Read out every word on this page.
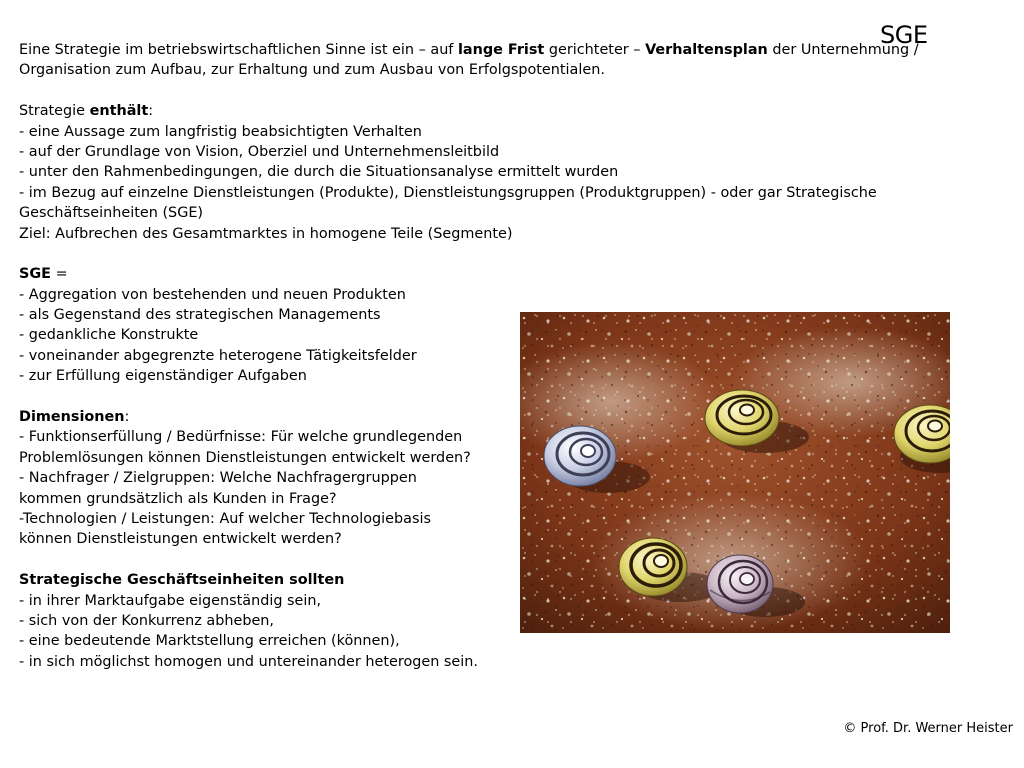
SGE
Eine Strategie im betriebswirtschaftlichen Sinne ist ein – auf lange Frist gerichteter – Verhaltensplan der Unternehmung /
Organisation zum Aufbau, zur Erhaltung und zum Ausbau von Erfolgspotentialen.
Strategie enthält:
- eine Aussage zum langfristig beabsichtigten Verhalten
- auf der Grundlage von Vision, Oberziel und Unternehmensleitbild
- unter den Rahmenbedingungen, die durch die Situationsanalyse ermittelt wurden
- im Bezug auf einzelne Dienstleistungen (Produkte), Dienstleistungsgruppen (Produktgruppen) - oder gar Strategische
Geschäftseinheiten (SGE)
Ziel: Aufbrechen des Gesamtmarktes in homogene Teile (Segmente)
SGE =
- Aggregation von bestehenden und neuen Produkten
- als Gegenstand des strategischen Managements
- gedankliche Konstrukte
- voneinander abgegrenzte heterogene Tätigkeitsfelder
- zur Erfüllung eigenständiger Aufgaben
Dimensionen:
- Funktionserfüllung / Bedürfnisse: Für welche grundlegenden
Problemlösungen können Dienstleistungen entwickelt werden?
- Nachfrager / Zielgruppen: Welche Nachfragergruppen
kommen grundsätzlich als Kunden in Frage?
-Technologien / Leistungen: Auf welcher Technologiebasis
können Dienstleistungen entwickelt werden?
Strategische Geschäftseinheiten sollten
- in ihrer Marktaufgabe eigenständig sein,
- sich von der Konkurrenz abheben,
- eine bedeutende Marktstellung erreichen (können),
- in sich möglichst homogen und untereinander heterogen sein.
© Prof. Dr. Werner Heister
